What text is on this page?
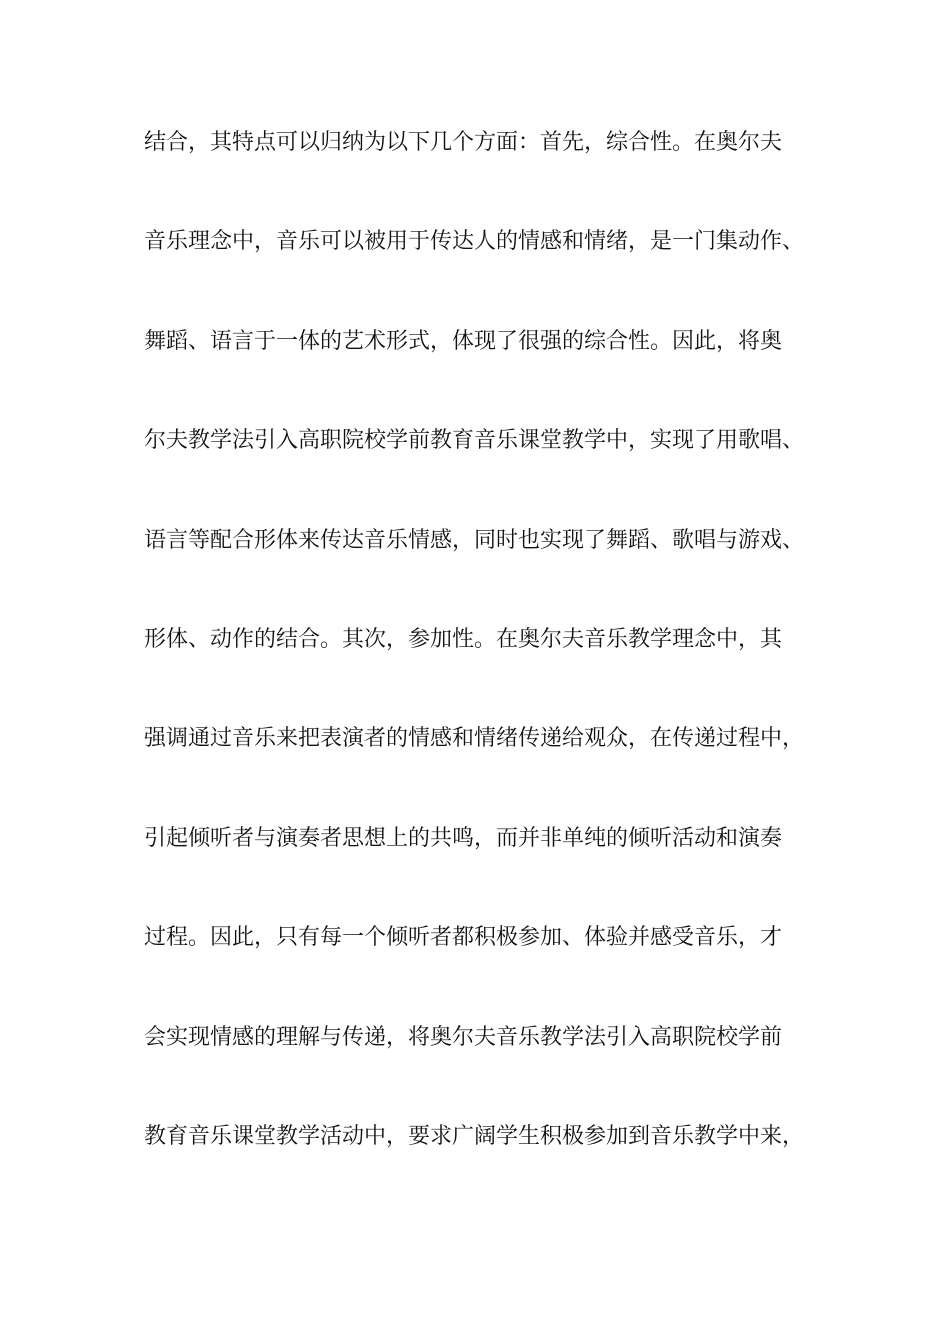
结合，其特点可以归纳为以下几个方面：首先，综合性。在奥尔夫
音乐理念中，音乐可以被用于传达人的情感和情绪，是一门集动作、
舞蹈、语言于一体的艺术形式，体现了很强的综合性。因此，将奥
尔夫教学法引入高职院校学前教育音乐课堂教学中，实现了用歌唱、
语言等配合形体来传达音乐情感，同时也实现了舞蹈、歌唱与游戏、
形体、动作的结合。其次，参加性。在奥尔夫音乐教学理念中，其
强调通过音乐来把表演者的情感和情绪传递给观众，在传递过程中，
引起倾听者与演奏者思想上的共鸣，而并非单纯的倾听活动和演奏
过程。因此，只有每一个倾听者都积极参加、体验并感受音乐，才
会实现情感的理解与传递，将奥尔夫音乐教学法引入高职院校学前
教育音乐课堂教学活动中，要求广阔学生积极参加到音乐教学中来，
